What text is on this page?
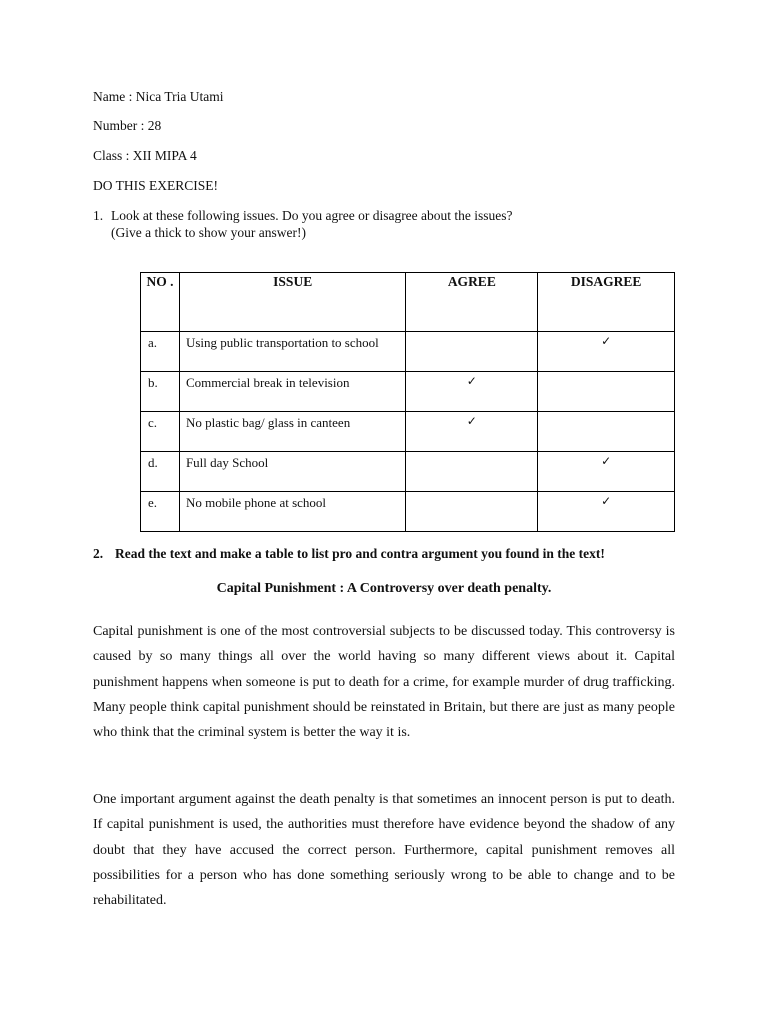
Name : Nica Tria Utami
Number : 28
Class : XII MIPA 4
DO THIS EXERCISE!
1. Look at these following issues. Do you agree or disagree about the issues?
(Give a thick to show your answer!)
NO .	ISSUE	AGREE	DISAGREE
a.	Using public transportation to school		✓
b.	Commercial break in television	✓	
c.	No plastic bag/ glass in canteen	✓	
d.	Full day School		✓
e.	No mobile phone at school		✓
2. Read the text and make a table to list pro and contra argument you found in the text!
Capital Punishment : A Controversy over death penalty.

Capital punishment is one of the most controversial subjects to be discussed today. This controversy is caused by so many things all over the world having so many different views about it. Capital punishment happens when someone is put to death for a crime, for example murder of drug trafficking. Many people think capital punishment should be reinstated in Britain, but there are just as many people who think that the criminal system is better the way it is.

One important argument against the death penalty is that sometimes an innocent person is put to death. If capital punishment is used, the authorities must therefore have evidence beyond the shadow of any doubt that they have accused the correct person. Furthermore, capital punishment removes all possibilities for a person who has done something seriously wrong to be able to change and to be rehabilitated.
